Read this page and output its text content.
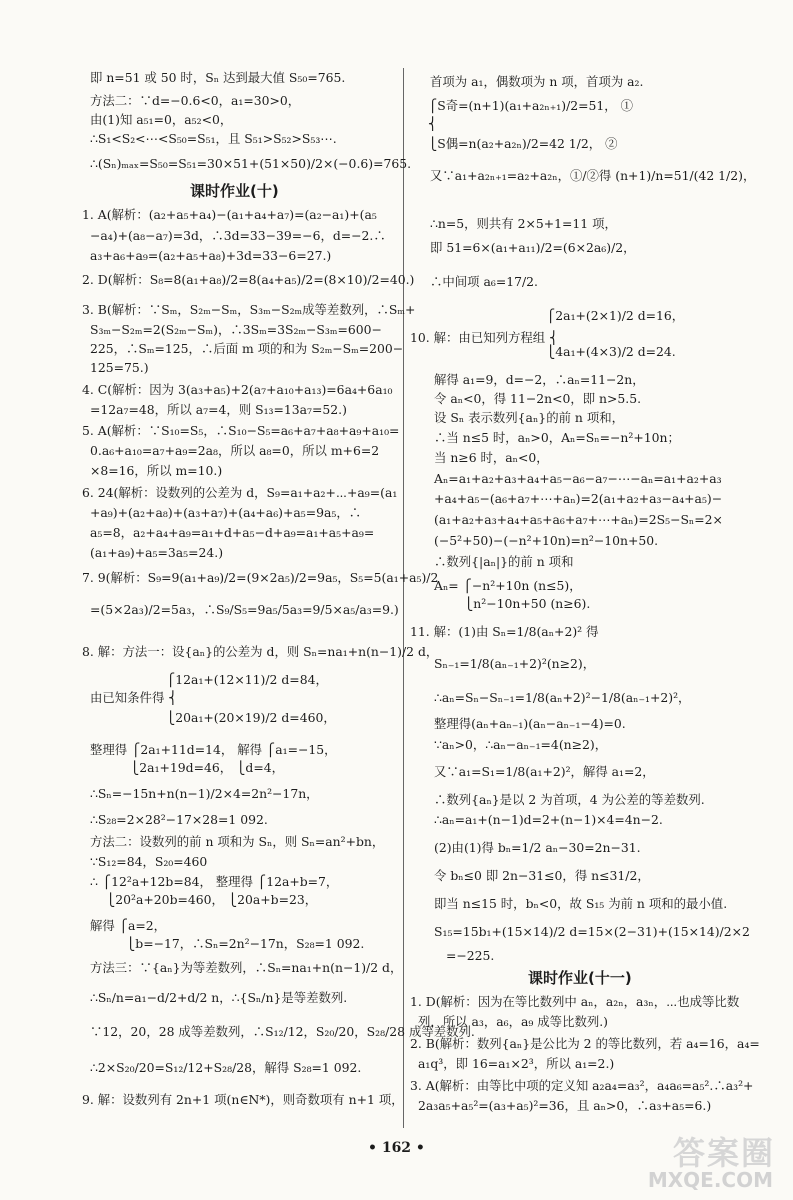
即 n=51 或 50 时，Sₙ 达到最大值 S₅₀=765.
方法二：∵d=−0.6<0，a₁=30>0，
由(1)知 a₅₁=0，a₅₂<0，
∴S₁<S₂<⋯<S₅₀=S₅₁，且 S₅₁>S₅₂>S₅₃⋯.
∴(Sₙ)ₘₐₓ=S₅₀=S₅₁=30×51+(51×50)/2×(−0.6)=765.
课时作业(十)
1. A(解析：(a₂+a₅+a₄)−(a₁+a₄+a₇)=(a₂−a₁)+(a₅
−a₄)+(a₈−a₇)=3d，∴3d=33−39=−6，d=−2.∴
a₃+a₆+a₉=(a₂+a₅+a₈)+3d=33−6=27.)
2. D(解析：S₈=8(a₁+a₈)/2=8(a₄+a₅)/2=(8×10)/2=40.)
3. B(解析：∵Sₘ，S₂ₘ−Sₘ，S₃ₘ−S₂ₘ成等差数列，∴Sₘ+
S₃ₘ−S₂ₘ=2(S₂ₘ−Sₘ)，∴3Sₘ=3S₂ₘ−S₃ₘ=600−
225，∴Sₘ=125，∴后面 m 项的和为 S₂ₘ−Sₘ=200−
125=75.)
4. C(解析：因为 3(a₃+a₅)+2(a₇+a₁₀+a₁₃)=6a₄+6a₁₀
=12a₇=48，所以 a₇=4，则 S₁₃=13a₇=52.)
5. A(解析：∵S₁₀=S₅，∴S₁₀−S₅=a₆+a₇+a₈+a₉+a₁₀=
0.a₆+a₁₀=a₇+a₉=2a₈，所以 a₈=0，所以 m+6=2
×8=16，所以 m=10.)
6. 24(解析：设数列的公差为 d，S₉=a₁+a₂+⋯+a₉=(a₁
+a₉)+(a₂+a₈)+(a₃+a₇)+(a₄+a₆)+a₅=9a₅，∴
a₅=8，a₂+a₄+a₉=a₁+d+a₅−d+a₉=a₁+a₅+a₉=
(a₁+a₉)+a₅=3a₅=24.)
7. 9(解析：S₉=9(a₁+a₉)/2=(9×2a₅)/2=9a₅，S₅=5(a₁+a₅)/2
=(5×2a₃)/2=5a₃，∴S₉/S₅=9a₅/5a₃=9/5×a₅/a₃=9.)
8. 解：方法一：设{aₙ}的公差为 d，则 Sₙ=na₁+n(n−1)/2 d，
⎧12a₁+(12×11)/2 d=84，
由已知条件得 ⎨
⎩20a₁+(20×19)/2 d=460，
整理得 ⎧2a₁+11d=14， 解得 ⎧a₁=−15，
⎩2a₁+19d=46， ⎩d=4，
∴Sₙ=−15n+n(n−1)/2×4=2n²−17n，
∴S₂₈=2×28²−17×28=1 092.
方法二：设数列的前 n 项和为 Sₙ，则 Sₙ=an²+bn，
∵S₁₂=84，S₂₀=460
∴ ⎧12²a+12b=84， 整理得 ⎧12a+b=7，
⎩20²a+20b=460， ⎩20a+b=23，
解得 ⎧a=2，
⎩b=−17，∴Sₙ=2n²−17n，S₂₈=1 092.
方法三：∵{aₙ}为等差数列，∴Sₙ=na₁+n(n−1)/2 d，
∴Sₙ/n=a₁−d/2+d/2 n，∴{Sₙ/n}是等差数列.
∵12，20，28 成等差数列，∴S₁₂/12，S₂₀/20，S₂₈/28 成等差数列.
∴2×S₂₀/20=S₁₂/12+S₂₈/28，解得 S₂₈=1 092.
9. 解：设数列有 2n+1 项(n∈N*)，则奇数项有 n+1 项，
首项为 a₁，偶数项为 n 项，首项为 a₂.
⎧S奇=(n+1)(a₁+a₂ₙ₊₁)/2=51， ①
⎨
⎩S偶=n(a₂+a₂ₙ)/2=42 1/2， ②
又∵a₁+a₂ₙ₊₁=a₂+a₂ₙ，①/②得 (n+1)/n=51/(42 1/2)，
∴n=5，则共有 2×5+1=11 项，
即 51=6×(a₁+a₁₁)/2=(6×2a₆)/2，
∴中间项 a₆=17/2.
⎧2a₁+(2×1)/2 d=16，
10. 解：由已知列方程组 ⎨
⎩4a₁+(4×3)/2 d=24.
解得 a₁=9，d=−2，∴aₙ=11−2n，
令 aₙ<0，得 11−2n<0，即 n>5.5.
设 Sₙ 表示数列{aₙ}的前 n 项和，
∴当 n≤5 时，aₙ>0，Aₙ=Sₙ=−n²+10n；
当 n≥6 时，aₙ<0，
Aₙ=a₁+a₂+a₃+a₄+a₅−a₆−a₇−⋯−aₙ=a₁+a₂+a₃
+a₄+a₅−(a₆+a₇+⋯+aₙ)=2(a₁+a₂+a₃−a₄+a₅)−
(a₁+a₂+a₃+a₄+a₅+a₆+a₇+⋯+aₙ)=2S₅−Sₙ=2×
(−5²+50)−(−n²+10n)=n²−10n+50.
∴数列{|aₙ|}的前 n 项和
Aₙ= ⎧−n²+10n (n≤5)，
⎩n²−10n+50 (n≥6).
11. 解：(1)由 Sₙ=1/8(aₙ+2)² 得
Sₙ₋₁=1/8(aₙ₋₁+2)²(n≥2)，
∴aₙ=Sₙ−Sₙ₋₁=1/8(aₙ+2)²−1/8(aₙ₋₁+2)²，
整理得(aₙ+aₙ₋₁)(aₙ−aₙ₋₁−4)=0.
∵aₙ>0，∴aₙ−aₙ₋₁=4(n≥2)，
又∵a₁=S₁=1/8(a₁+2)²，解得 a₁=2，
∴数列{aₙ}是以 2 为首项，4 为公差的等差数列.
∴aₙ=a₁+(n−1)d=2+(n−1)×4=4n−2.
(2)由(1)得 bₙ=1/2 aₙ−30=2n−31.
令 bₙ≤0 即 2n−31≤0，得 n≤31/2，
即当 n≤15 时，bₙ<0，故 S₁₅ 为前 n 项和的最小值.
S₁₅=15b₁+(15×14)/2 d=15×(2−31)+(15×14)/2×2
=−225.
课时作业(十一)
1. D(解析：因为在等比数列中 aₙ，a₂ₙ，a₃ₙ，⋯也成等比数
列，所以 a₃，a₆，a₉ 成等比数列.)
2. B(解析：数列{aₙ}是公比为 2 的等比数列，若 a₄=16，a₄=
a₁q³，即 16=a₁×2³，所以 a₁=2.)
3. A(解析：由等比中项的定义知 a₂a₄=a₃²，a₄a₆=a₅².∴a₃²+
2a₃a₅+a₅²=(a₃+a₅)²=36，且 aₙ>0，∴a₃+a₅=6.)
• 162 •	答案圈
MXQE.COM
